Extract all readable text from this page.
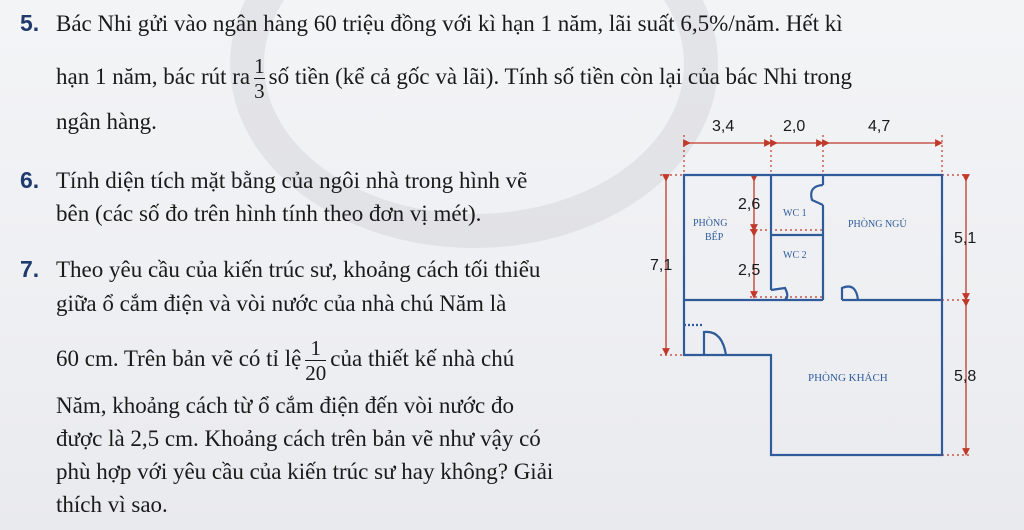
5. Bác Nhi gửi vào ngân hàng 60 triệu đồng với kì hạn 1 năm, lãi suất 6,5%/năm. Hết kì
hạn 1 năm, bác rút ra $\frac{1}{3}$ số tiền (kể cả gốc và lãi). Tính số tiền còn lại của bác Nhi trong
ngân hàng.
6. Tính diện tích mặt bằng của ngôi nhà trong hình vẽ
bên (các số đo trên hình tính theo đơn vị mét).
7. Theo yêu cầu của kiến trúc sư, khoảng cách tối thiểu
giữa ổ cắm điện và vòi nước của nhà chú Năm là
60 cm. Trên bản vẽ có tỉ lệ $\frac{1}{20}$ của thiết kế nhà chú
Năm, khoảng cách từ ổ cắm điện đến vòi nước đo
được là 2,5 cm. Khoảng cách trên bản vẽ như vậy có
phù hợp với yêu cầu của kiến trúc sư hay không? Giải
thích vì sao.
3,4	2,0	4,7
7,1
5,1
5,8
2,6
2,5
PHÒNG
BẾP
WC 1
WC 2
PHÒNG NGỦ
PHÒNG KHÁCH
